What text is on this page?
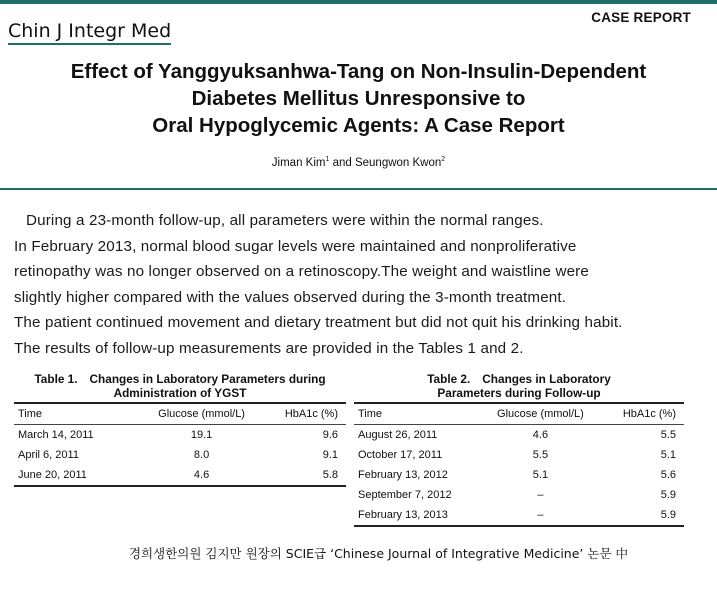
Chin J Integr Med
CASE REPORT
Effect of Yanggyuksanhwa-Tang on Non-Insulin-Dependent
Diabetes Mellitus Unresponsive to
Oral Hypoglycemic Agents: A Case Report
Jiman Kim$^1$ and Seungwon Kwon$^2$

During a 23-month follow-up, all parameters were within the normal ranges.

In February 2013, normal blood sugar levels were maintained and nonproliferative

retinopathy was no longer observed on a retinoscopy.The weight and waistline were

slightly higher compared with the values observed during the 3-month treatment.

The patient continued movement and dietary treatment but did not quit his drinking habit.

The results of follow-up measurements are provided in the Tables 1 and 2.

Table 1. Changes in Laboratory Parameters during
Administration of YGST
Time	Glucose (mmol/L)	HbA1c (%)
March 14, 2011	19.1	9.6
April 6, 2011	8.0	9.1
June 20, 2011	4.6	5.8
Table 2. Changes in Laboratory
Parameters during Follow-up
Time	Glucose (mmol/L)	HbA1c (%)
August 26, 2011	4.6	5.5
October 17, 2011	5.5	5.1
February 13, 2012	5.1	5.6
September 7, 2012	–	5.9
February 13, 2013	–	5.9
경희생한의원 김지만 원장의 SCIE급 ‘Chinese Journal of Integrative Medicine’ 논문 中
